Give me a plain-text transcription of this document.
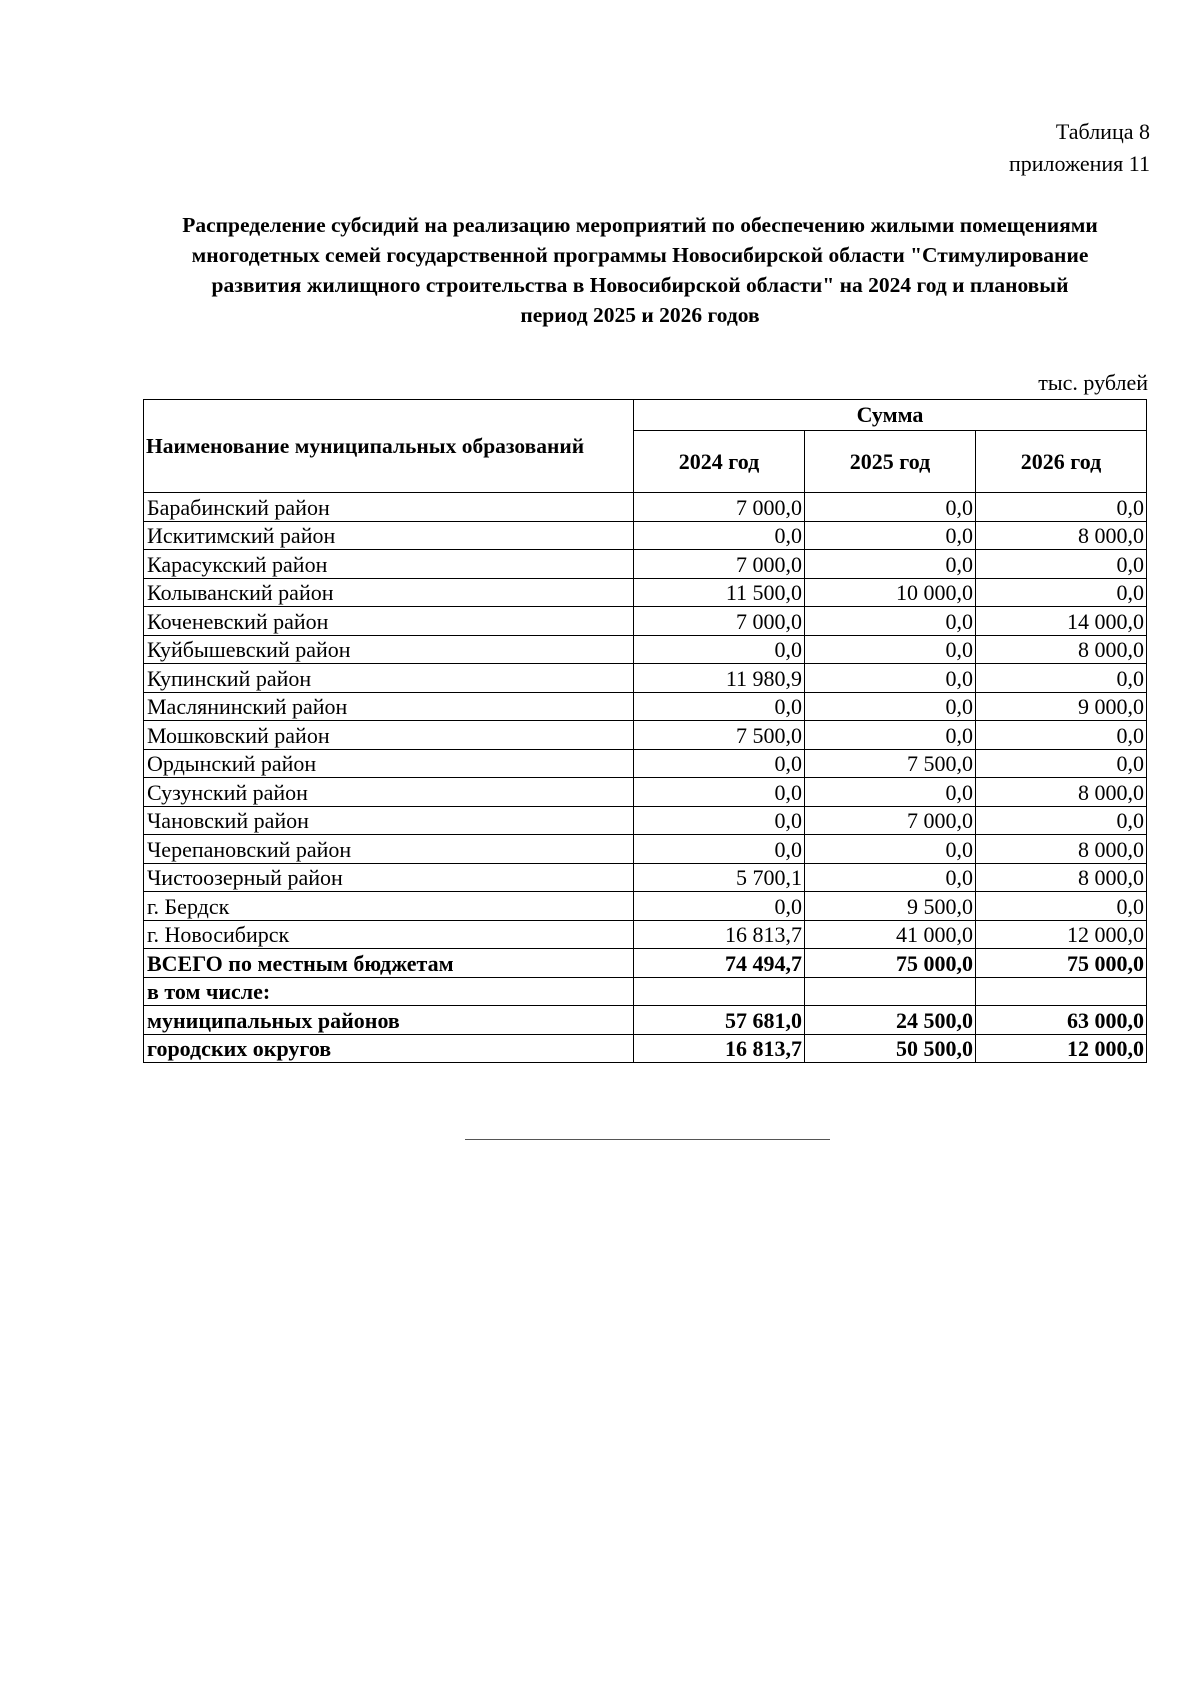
Таблица 8
приложения 11
Распределение субсидий на реализацию мероприятий по обеспечению жилыми помещениями
многодетных семей государственной программы Новосибирской области "Стимулирование
развития жилищного строительства в Новосибирской области" на 2024 год и плановый
период 2025 и 2026 годов
тыс. рублей
Наименование муниципальных образований	Сумма		
	2024 год	2025 год	2026 год
Барабинский район	7 000,0	0,0	0,0
Искитимский район	0,0	0,0	8 000,0
Карасукский район	7 000,0	0,0	0,0
Колыванский район	11 500,0	10 000,0	0,0
Коченевский район	7 000,0	0,0	14 000,0
Куйбышевский район	0,0	0,0	8 000,0
Купинский район	11 980,9	0,0	0,0
Маслянинский район	0,0	0,0	9 000,0
Мошковский район	7 500,0	0,0	0,0
Ордынский район	0,0	7 500,0	0,0
Сузунский район	0,0	0,0	8 000,0
Чановский район	0,0	7 000,0	0,0
Черепановский район	0,0	0,0	8 000,0
Чистоозерный район	5 700,1	0,0	8 000,0
г. Бердск	0,0	9 500,0	0,0
г. Новосибирск	16 813,7	41 000,0	12 000,0
ВСЕГО по местным бюджетам	74 494,7	75 000,0	75 000,0
в том числе:			
муниципальных районов	57 681,0	24 500,0	63 000,0
городских округов	16 813,7	50 500,0	12 000,0
